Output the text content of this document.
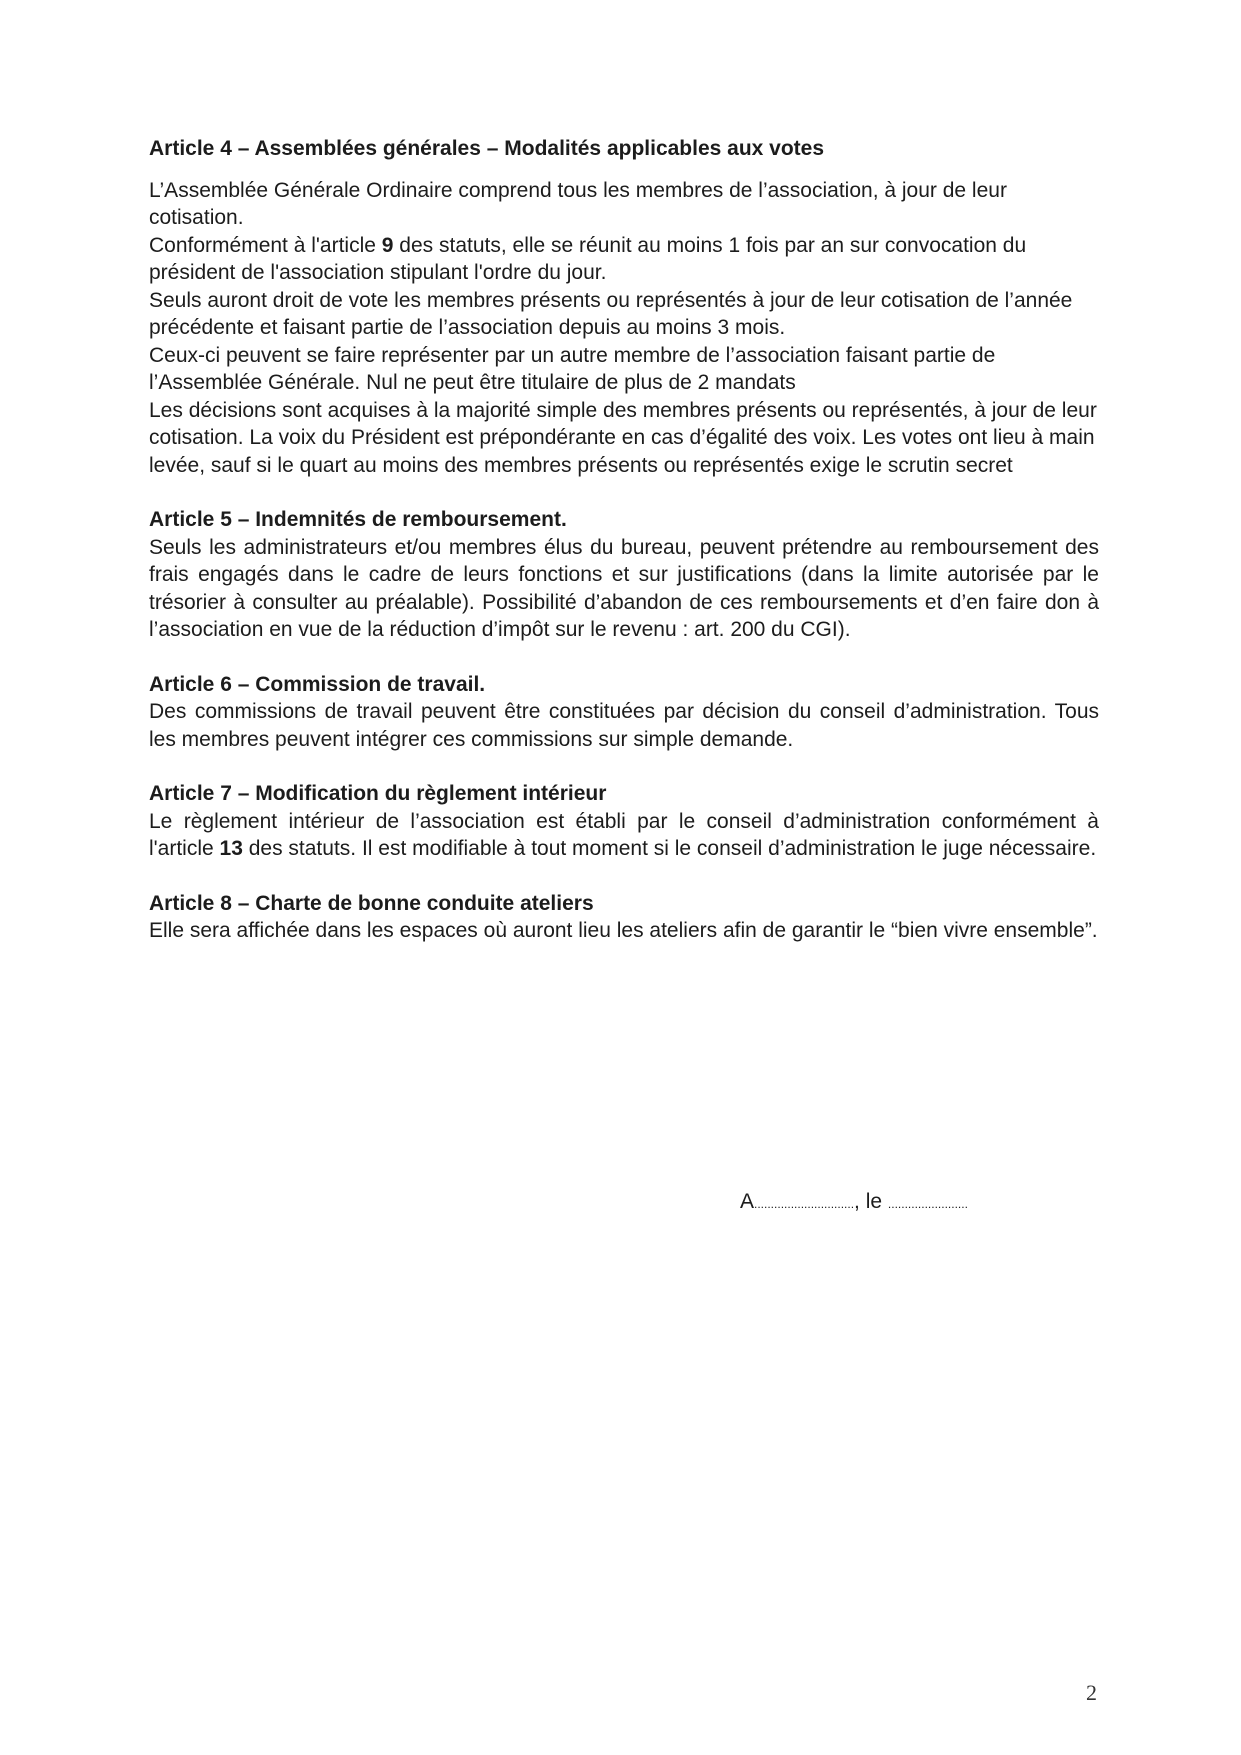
Article 4 – Assemblées générales – Modalités applicables aux votes

L’Assemblée Générale Ordinaire comprend tous les membres de l’association, à jour de leur cotisation.

Conformément à l'article 9 des statuts, elle se réunit au moins 1 fois par an sur convocation du président de l'association stipulant l'ordre du jour.

Seuls auront droit de vote les membres présents ou représentés à jour de leur cotisation de l’année précédente et faisant partie de l’association depuis au moins 3 mois.

Ceux-ci peuvent se faire représenter par un autre membre de l’association faisant partie de l’Assemblée Générale. Nul ne peut être titulaire de plus de 2 mandats

Les décisions sont acquises à la majorité simple des membres présents ou représentés, à jour de leur cotisation. La voix du Président est prépondérante en cas d’égalité des voix. Les votes ont lieu à main levée, sauf si le quart au moins des membres présents ou représentés exige le scrutin secret

Article 5 – Indemnités de remboursement.

Seuls les administrateurs et/ou membres élus du bureau, peuvent prétendre au remboursement des frais engagés dans le cadre de leurs fonctions et sur justifications (dans la limite autorisée par le trésorier à consulter au préalable). Possibilité d’abandon de ces remboursements et d’en faire don à l’association en vue de la réduction d’impôt sur le revenu : art. 200 du CGI).

Article 6 – Commission de travail.

Des commissions de travail peuvent être constituées par décision du conseil d’administration. Tous les membres peuvent intégrer ces commissions sur simple demande.

Article 7 – Modification du règlement intérieur

Le règlement intérieur de l’association est établi par le conseil d’administration conformément à l'article 13 des statuts. Il est modifiable à tout moment si le conseil d’administration le juge nécessaire.

Article 8 – Charte de bonne conduite ateliers

Elle sera affichée dans les espaces où auront lieu les ateliers afin de garantir le “bien vivre ensemble”.

A.............................., le ........................
2
